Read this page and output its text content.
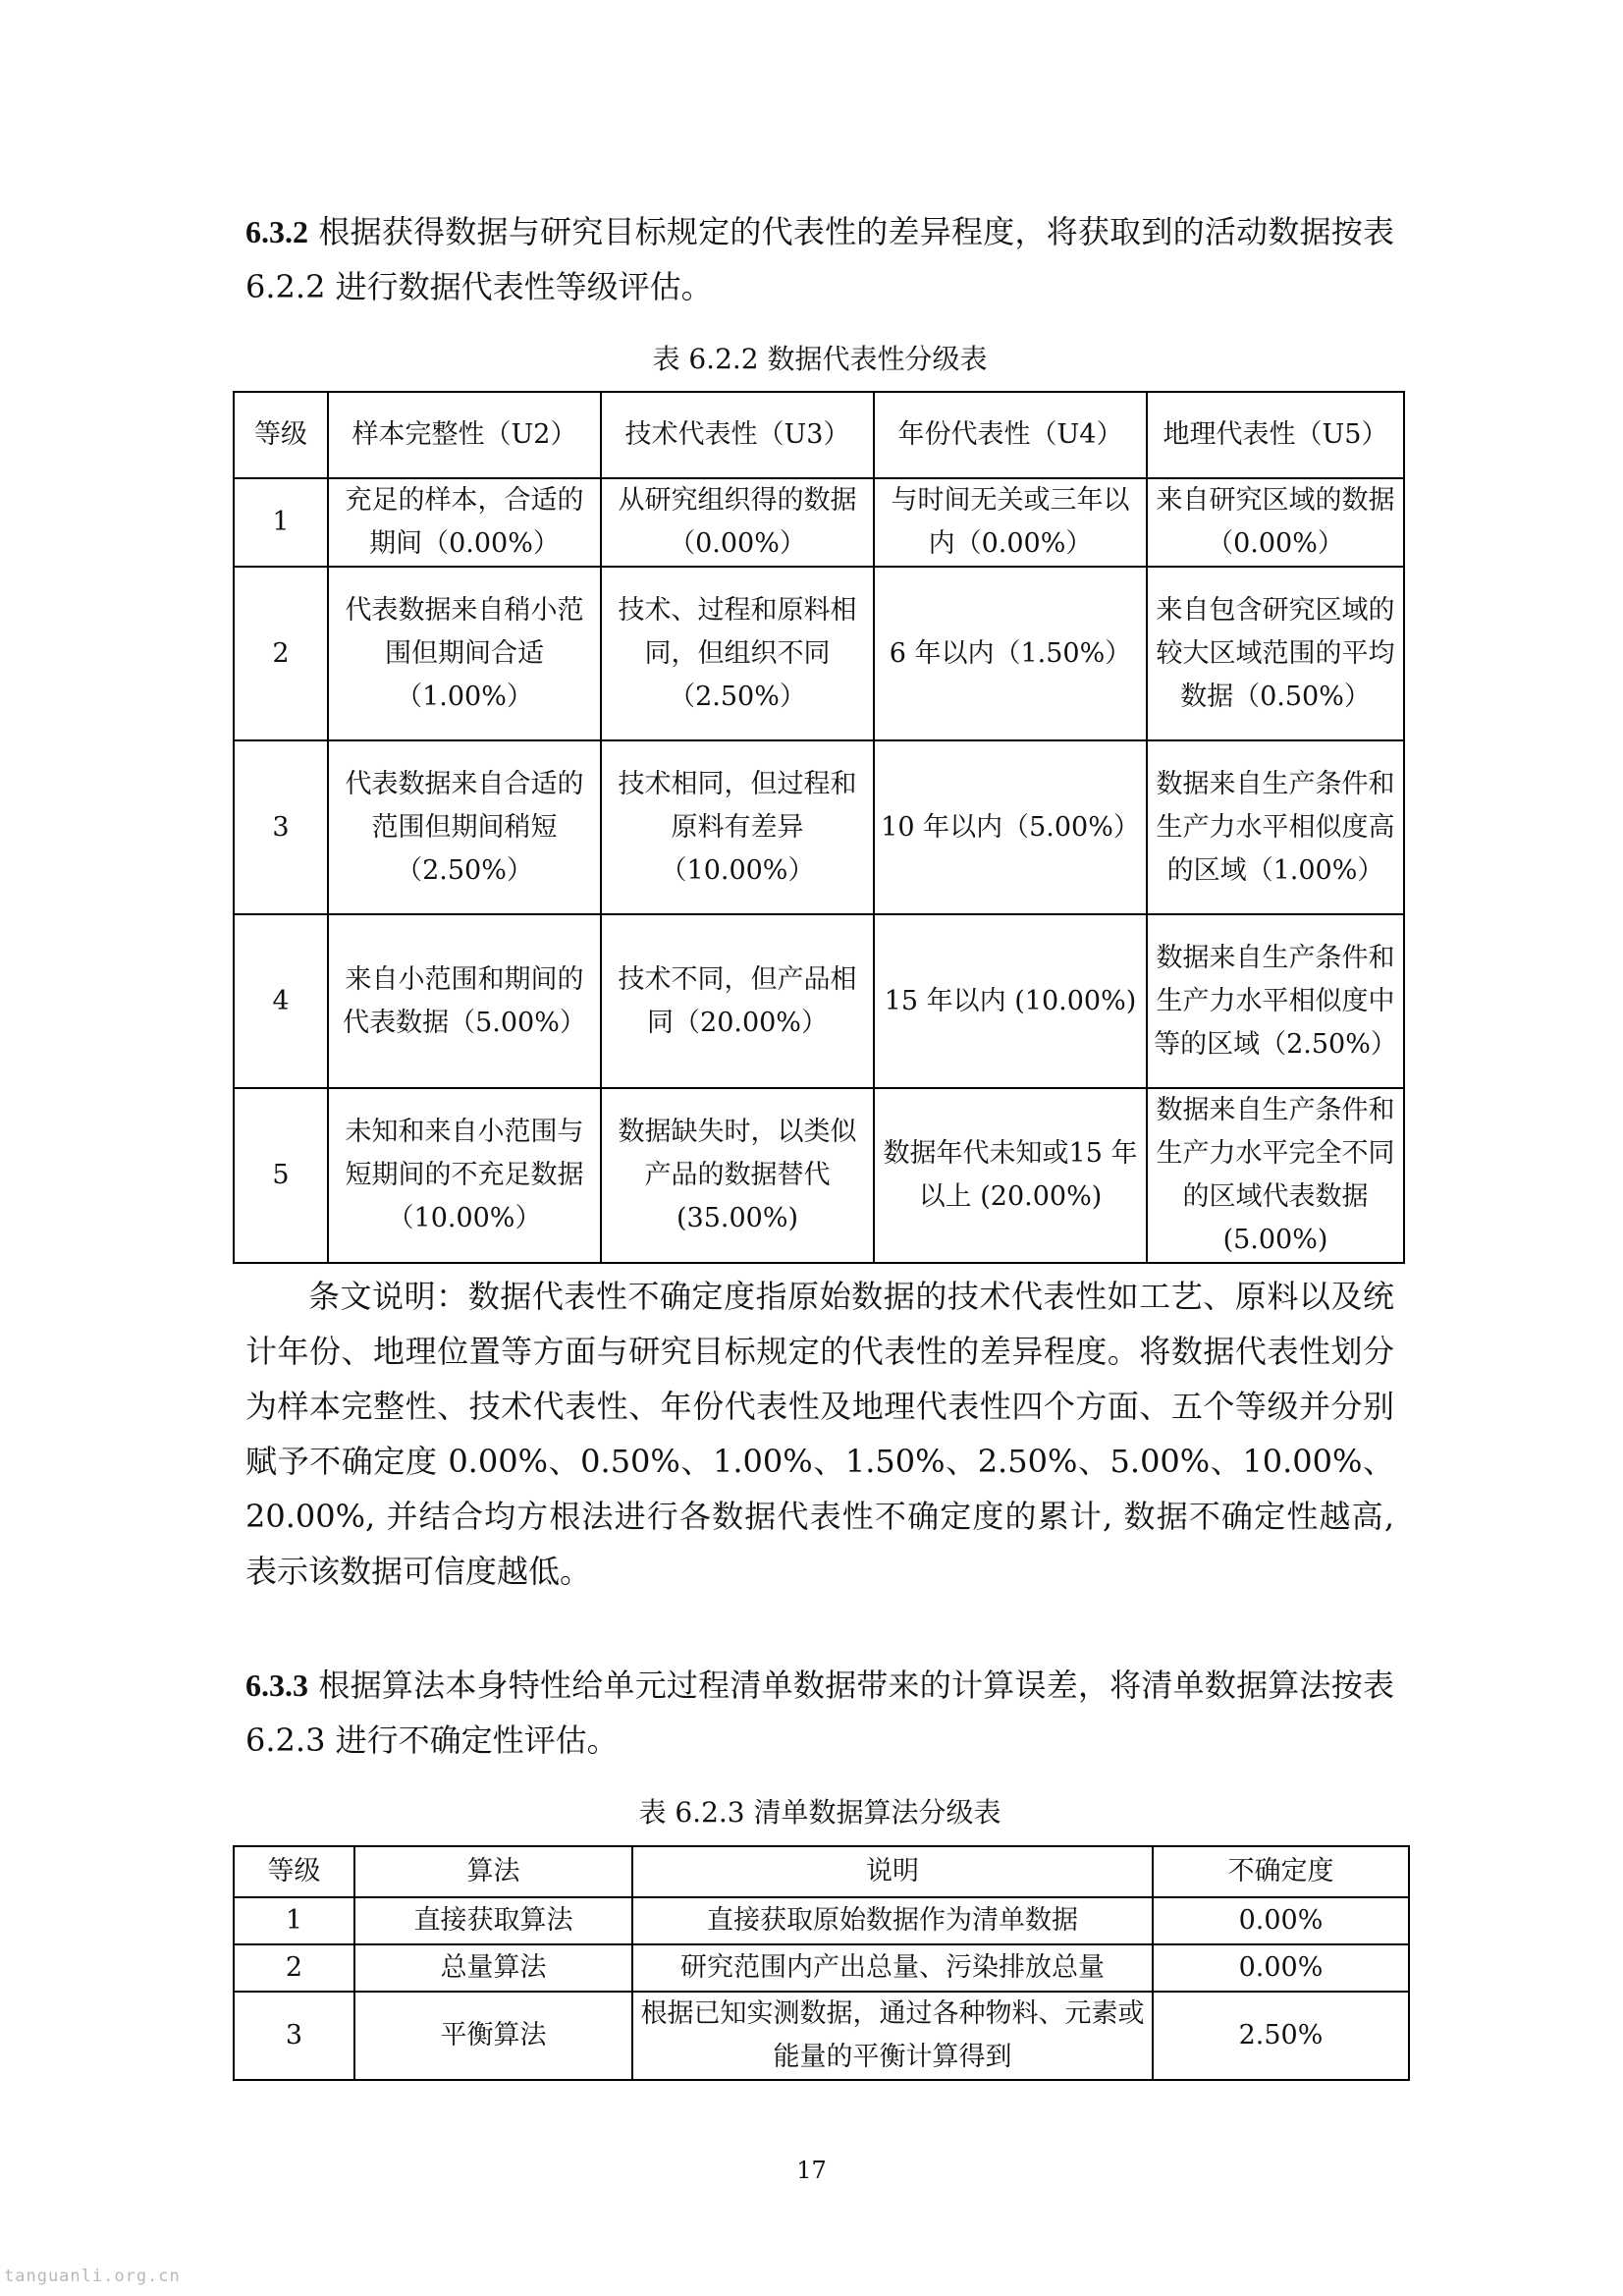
6.3.2 根据获得数据与研究目标规定的代表性的差异程度，将获取到的活动数据按表 6.2.2 进行数据代表性等级评估。

表 6.2.2 数据代表性分级表

等级	样本完整性（U2）	技术代表性（U3）	年份代表性（U4）	地理代表性（U5）
1	充足的样本，合适的期间（0.00%）	从研究组织得的数据（0.00%）	与时间无关或三年以内（0.00%）	来自研究区域的数据（0.00%）
2	代表数据来自稍小范围但期间合适（1.00%）	技术、过程和原料相同，但组织不同（2.50%）	6 年以内（1.50%）	来自包含研究区域的较大区域范围的平均数据（0.50%）
3	代表数据来自合适的范围但期间稍短（2.50%）	技术相同，但过程和原料有差异（10.00%）	10 年以内（5.00%）	数据来自生产条件和生产力水平相似度高的区域（1.00%）
4	来自小范围和期间的代表数据（5.00%）	技术不同，但产品相同（20.00%）	15 年以内 (10.00%)	数据来自生产条件和生产力水平相似度中等的区域（2.50%）
5	未知和来自小范围与短期间的不充足数据（10.00%）	数据缺失时，以类似产品的数据替代 (35.00%)	数据年代未知或15 年以上 (20.00%)	数据来自生产条件和生产力水平完全不同的区域代表数据 (5.00%)

条文说明：数据代表性不确定度指原始数据的技术代表性如工艺、原料以及统计年份、地理位置等方面与研究目标规定的代表性的差异程度。将数据代表性划分为样本完整性、技术代表性、年份代表性及地理代表性四个方面、五个等级并分别赋予不确定度 0.00%、0.50%、1.00%、1.50%、2.50%、5.00%、10.00%、20.00%, 并结合均方根法进行各数据代表性不确定度的累计, 数据不确定性越高, 表示该数据可信度越低。

6.3.3 根据算法本身特性给单元过程清单数据带来的计算误差，将清单数据算法按表 6.2.3 进行不确定性评估。

表 6.2.3 清单数据算法分级表

等级	算法	说明	不确定度
1	直接获取算法	直接获取原始数据作为清单数据	0.00%
2	总量算法	研究范围内产出总量、污染排放总量	0.00%
3	平衡算法	根据已知实测数据，通过各种物料、元素或能量的平衡计算得到	2.50%
17
tanguanli.org.cn
